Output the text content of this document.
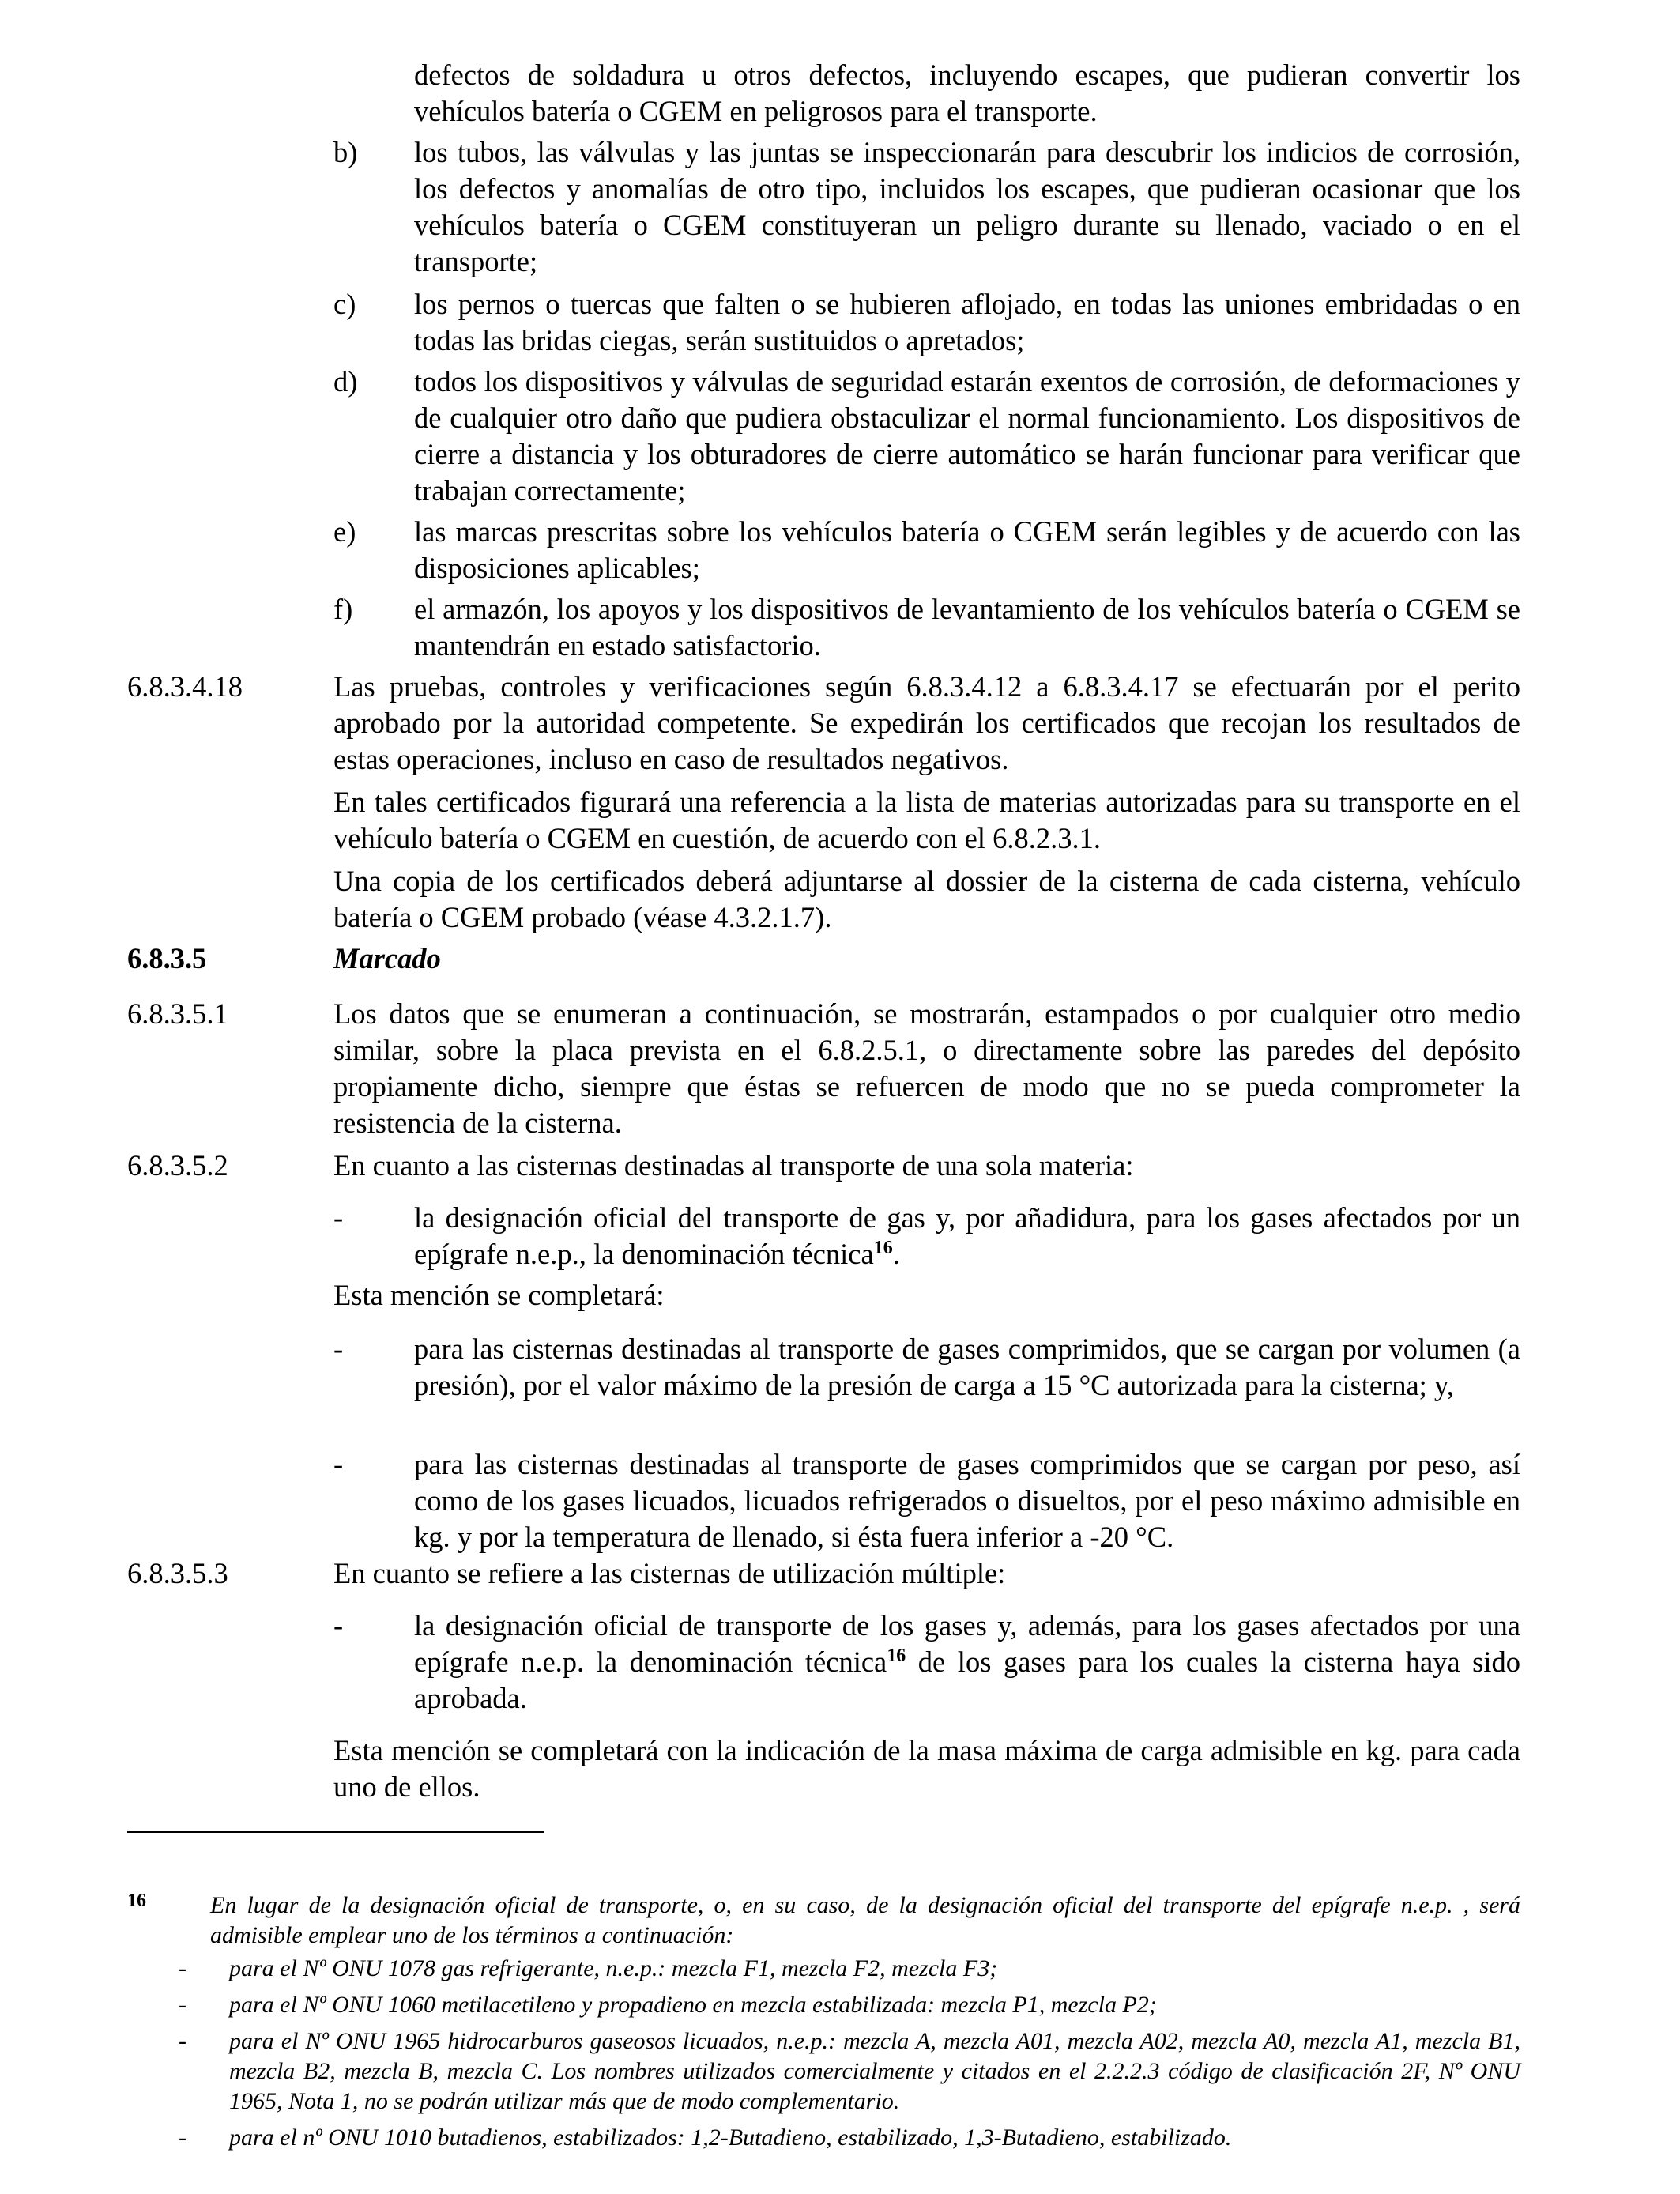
defectos de soldadura u otros defectos, incluyendo escapes, que pudieran convertir los vehículos batería o CGEM en peligrosos para el transporte.

b) los tubos, las válvulas y las juntas se inspeccionarán para descubrir los indicios de corrosión, los defectos y anomalías de otro tipo, incluidos los escapes, que pudieran ocasionar que los vehículos batería o CGEM constituyeran un peligro durante su llenado, vaciado o en el transporte;

c) los pernos o tuercas que falten o se hubieren aflojado, en todas las uniones embridadas o en todas las bridas ciegas, serán sustituidos o apretados;

d) todos los dispositivos y válvulas de seguridad estarán exentos de corrosión, de deformaciones y de cualquier otro daño que pudiera obstaculizar el normal funcionamiento. Los dispositivos de cierre a distancia y los obturadores de cierre automático se harán funcionar para verificar que trabajan correctamente;

e) las marcas prescritas sobre los vehículos batería o CGEM serán legibles y de acuerdo con las disposiciones aplicables;

f) el armazón, los apoyos y los dispositivos de levantamiento de los vehículos batería o CGEM se mantendrán en estado satisfactorio.

6.8.3.4.18	Las pruebas, controles y verificaciones según 6.8.3.4.12 a 6.8.3.4.17 se efectuarán por el perito aprobado por la autoridad competente. Se expedirán los certificados que recojan los resultados de estas operaciones, incluso en caso de resultados negativos.

En tales certificados figurará una referencia a la lista de materias autorizadas para su transporte en el vehículo batería o CGEM en cuestión, de acuerdo con el 6.8.2.3.1.

Una copia de los certificados deberá adjuntarse al dossier de la cisterna de cada cisterna, vehículo batería o CGEM probado (véase 4.3.2.1.7).

6.8.3.5	Marcado
6.8.3.5.1	Los datos que se enumeran a continuación, se mostrarán, estampados o por cualquier otro medio similar, sobre la placa prevista en el 6.8.2.5.1, o directamente sobre las paredes del depósito propiamente dicho, siempre que éstas se refuercen de modo que no se pueda comprometer la resistencia de la cisterna.

6.8.3.5.2	En cuanto a las cisternas destinadas al transporte de una sola materia:

- la designación oficial del transporte de gas y, por añadidura, para los gases afectados por un epígrafe n.e.p., la denominación técnica$^{16}$.

Esta mención se completará:

- para las cisternas destinadas al transporte de gases comprimidos, que se cargan por volumen (a presión), por el valor máximo de la presión de carga a 15 °C autorizada para la cisterna; y,

- para las cisternas destinadas al transporte de gases comprimidos que se cargan por peso, así como de los gases licuados, licuados refrigerados o disueltos, por el peso máximo admisible en kg. y por la temperatura de llenado, si ésta fuera inferior a -20 °C.

6.8.3.5.3	En cuanto se refiere a las cisternas de utilización múltiple:

- la designación oficial de transporte de los gases y, además, para los gases afectados por una epígrafe n.e.p. la denominación técnica$^{16}$ de los gases para los cuales la cisterna haya sido aprobada.

Esta mención se completará con la indicación de la masa máxima de carga admisible en kg. para cada uno de ellos.

16	En lugar de la designación oficial de transporte, o, en su caso, de la designación oficial del transporte del epígrafe n.e.p. , será admisible emplear uno de los términos a continuación:

- para el Nº ONU 1078 gas refrigerante, n.e.p.: mezcla F1, mezcla F2, mezcla F3;

- para el Nº ONU 1060 metilacetileno y propadieno en mezcla estabilizada: mezcla P1, mezcla P2;

- para el Nº ONU 1965 hidrocarburos gaseosos licuados, n.e.p.: mezcla A, mezcla A01, mezcla A02, mezcla A0, mezcla A1, mezcla B1, mezcla B2, mezcla B, mezcla C. Los nombres utilizados comercialmente y citados en el 2.2.2.3 código de clasificación 2F, Nº ONU 1965, Nota 1, no se podrán utilizar más que de modo complementario.

- para el nº ONU 1010 butadienos, estabilizados: 1,2-Butadieno, estabilizado, 1,3-Butadieno, estabilizado.
